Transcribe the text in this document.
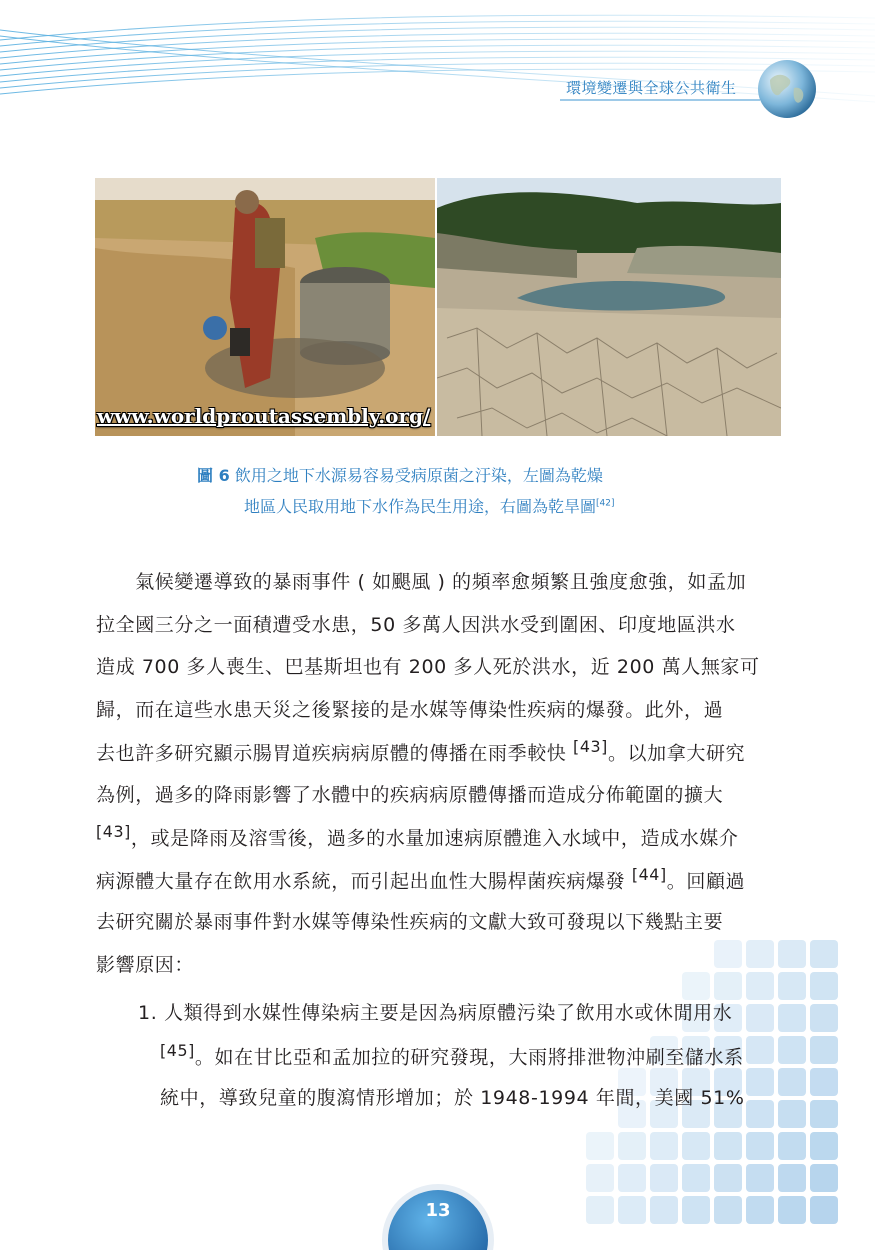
環境變遷與全球公共衛生
www.worldproutassembly.org/
圖 6 飲用之地下水源易容易受病原菌之汙染，左圖為乾燥
地區人民取用地下水作為民生用途，右圖為乾旱圖[42]
　　氣候變遷導致的暴雨事件 ( 如颶風 ) 的頻率愈頻繁且強度愈強，如孟加
拉全國三分之一面積遭受水患，50 多萬人因洪水受到圍困、印度地區洪水
造成 700 多人喪生、巴基斯坦也有 200 多人死於洪水，近 200 萬人無家可
歸，而在這些水患天災之後緊接的是水媒等傳染性疾病的爆發。此外，過
去也許多研究顯示腸胃道疾病病原體的傳播在雨季較快 [43]。以加拿大研究
為例，過多的降雨影響了水體中的疾病病原體傳播而造成分佈範圍的擴大
[43]，或是降雨及溶雪後，過多的水量加速病原體進入水域中，造成水媒介
病源體大量存在飲用水系統，而引起出血性大腸桿菌疾病爆發 [44]。回顧過
去研究關於暴雨事件對水媒等傳染性疾病的文獻大致可發現以下幾點主要
影響原因：
1. 人類得到水媒性傳染病主要是因為病原體污染了飲用水或休閒用水
[45]。如在甘比亞和孟加拉的研究發現，大雨將排泄物沖刷至儲水系
統中，導致兒童的腹瀉情形增加；於 1948-1994 年間，美國 51%
13
